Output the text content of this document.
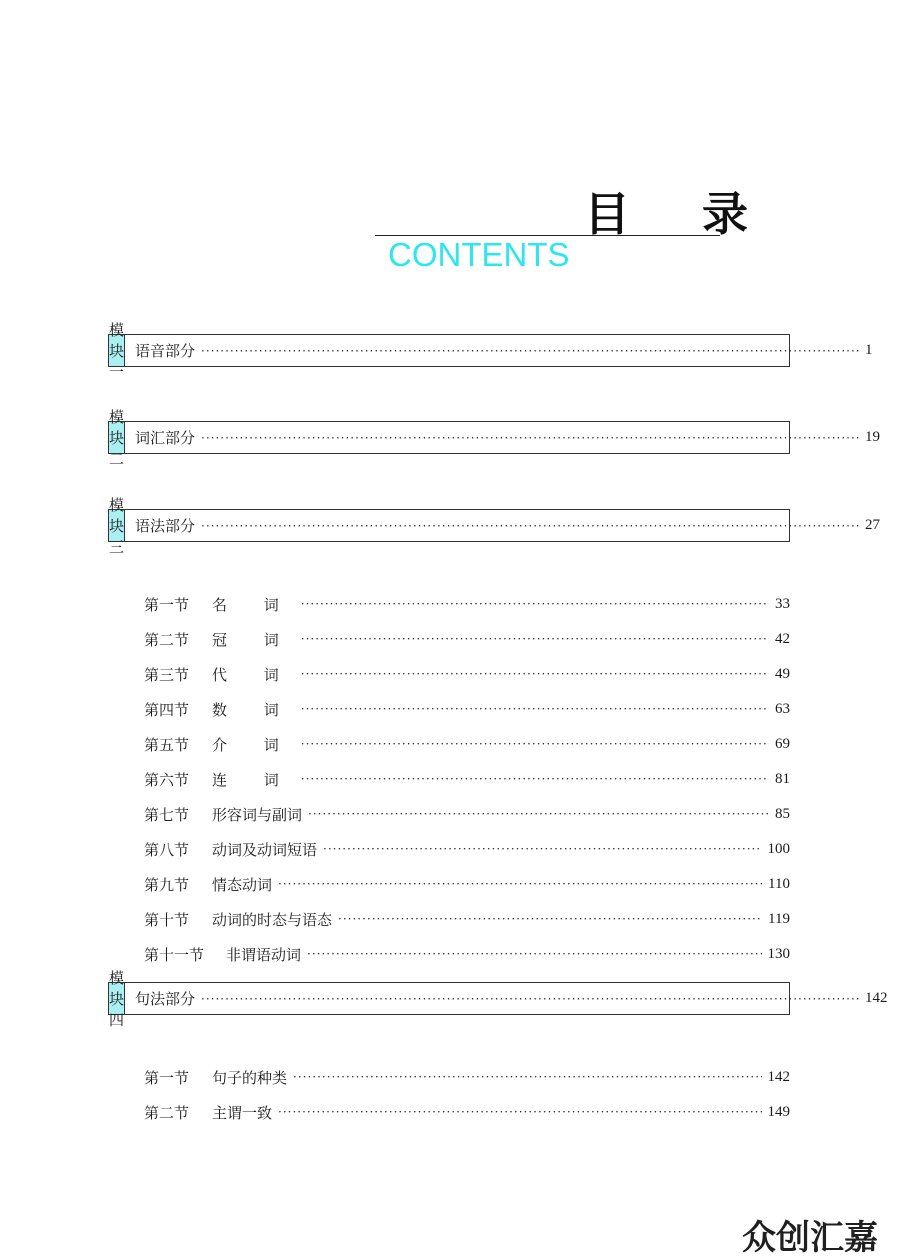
目 录
CONTENTS
模块一
语音部分 ·····	1
模块二
词汇部分 ·····	19
模块三
语法部分 ·····	27
第一节	名 词 ·····	33
第二节	冠 词 ·····	42
第三节	代 词 ·····	49
第四节	数 词 ·····	63
第五节	介 词 ·····	69
第六节	连 词 ·····	81
第七节	形容词与副词 ·····	85
第八节	动词及动词短语 ·····	100
第九节	情态动词 ·····	110
第十节	动词的时态与语态 ·····	119
第十一节	非谓语动词 ·····	130
模块四
句法部分 ·····	142
第一节	句子的种类 ·····	142
第二节	主谓一致 ·····	149
众创汇嘉
